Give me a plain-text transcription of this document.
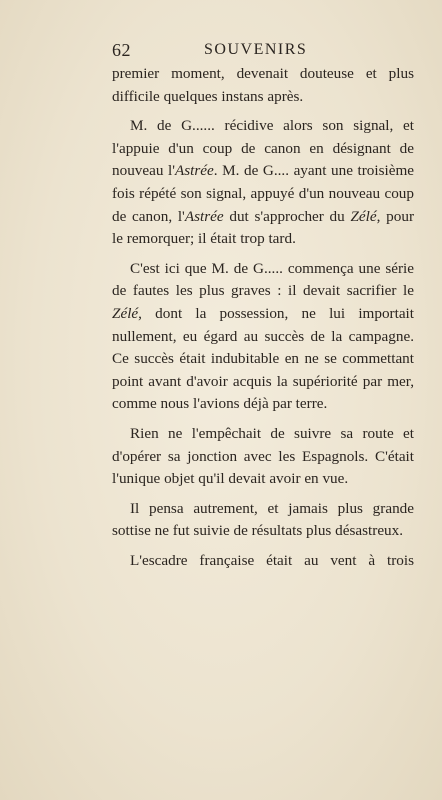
62	SOUVENIRS

premier moment, devenait douteuse et plus difficile quelques instans après.

M. de G...... récidive alors son signal, et l'appuie d'un coup de canon en désignant de nouveau l'Astrée. M. de G.... ayant une troisième fois répété son signal, appuyé d'un nouveau coup de canon, l'Astrée dut s'approcher du Zélé, pour le remorquer; il était trop tard.

C'est ici que M. de G..... commença une série de fautes les plus graves : il devait sacrifier le Zélé, dont la possession, ne lui importait nullement, eu égard au succès de la campagne. Ce succès était indubitable en ne se commettant point avant d'avoir acquis la supériorité par mer, comme nous l'avions déjà par terre.

Rien ne l'empêchait de suivre sa route et d'opérer sa jonction avec les Espagnols. C'était l'unique objet qu'il devait avoir en vue.

Il pensa autrement, et jamais plus grande sottise ne fut suivie de résultats plus désastreux.

L'escadre française était au vent à trois
